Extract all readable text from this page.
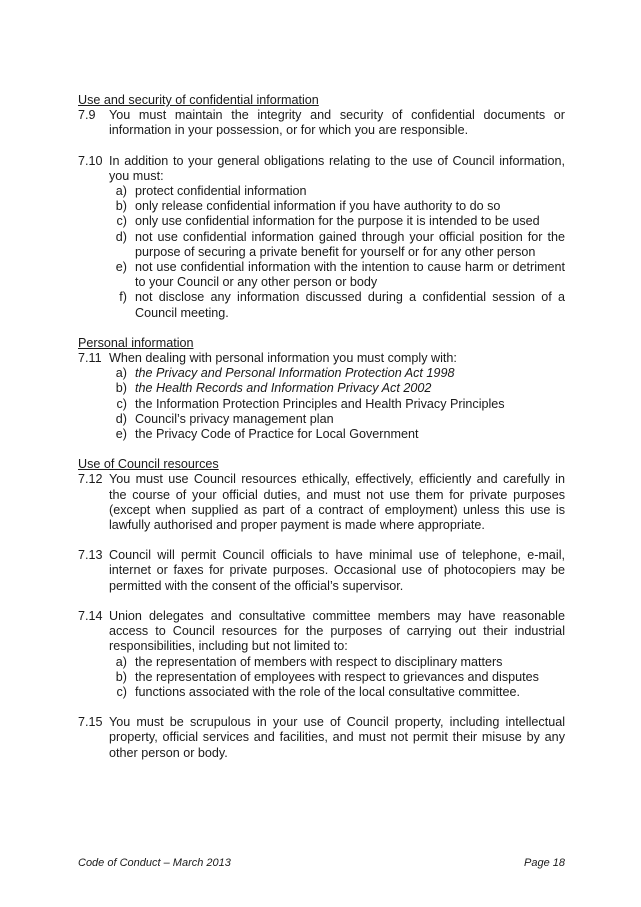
Use and security of confidential information

7.9	You must maintain the integrity and security of confidential documents or information in your possession, or for which you are responsible.
7.10 In addition to your general obligations relating to the use of Council information, you must:
a) protect confidential information
b) only release confidential information if you have authority to do so
c) only use confidential information for the purpose it is intended to be used
d) not use confidential information gained through your official position for the purpose of securing a private benefit for yourself or for any other person
e) not use confidential information with the intention to cause harm or detriment to your Council or any other person or body
f) not disclose any information discussed during a confidential session of a Council meeting.

Personal information

7.11 When dealing with personal information you must comply with:
a) the Privacy and Personal Information Protection Act 1998
b) the Health Records and Information Privacy Act 2002
c) the Information Protection Principles and Health Privacy Principles
d) Council’s privacy management plan
e) the Privacy Code of Practice for Local Government

Use of Council resources

7.12 You must use Council resources ethically, effectively, efficiently and carefully in the course of your official duties, and must not use them for private purposes (except when supplied as part of a contract of employment) unless this use is lawfully authorised and proper payment is made where appropriate.
7.13 Council will permit Council officials to have minimal use of telephone, e-mail, internet or faxes for private purposes. Occasional use of photocopiers may be permitted with the consent of the official’s supervisor.
7.14 Union delegates and consultative committee members may have reasonable access to Council resources for the purposes of carrying out their industrial responsibilities, including but not limited to:
a) the representation of members with respect to disciplinary matters
b) the representation of employees with respect to grievances and disputes
c) functions associated with the role of the local consultative committee.
7.15 You must be scrupulous in your use of Council property, including intellectual property, official services and facilities, and must not permit their misuse by any other person or body.
Code of Conduct – March 2013	Page 18
